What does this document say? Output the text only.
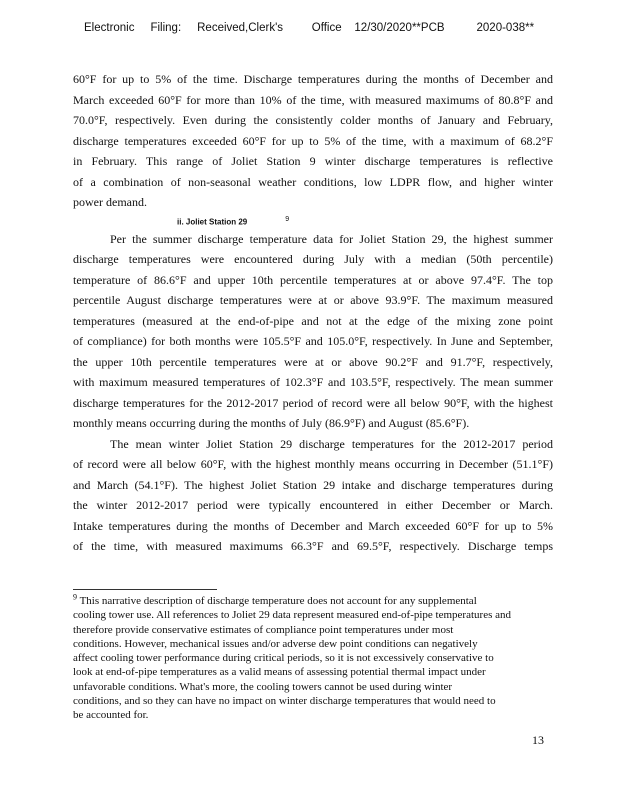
Electronic     Filing:     Received,Clerk's         Office    12/30/2020**PCB          2020-038**
60°F for up to 5% of the time. Discharge temperatures during the months of December and
March exceeded 60°F for more than 10% of the time, with measured maximums of 80.8°F and
70.0°F, respectively. Even during the consistently colder months of January and February,
discharge temperatures exceeded 60°F for up to 5% of the time, with a maximum of 68.2°F
in February. This range of Joliet Station 9 winter discharge temperatures is reflective
of a combination of non-seasonal weather conditions, low LDPR flow, and higher winter
power demand.
ii. Joliet Station 29	$^9$
Per the summer discharge temperature data for Joliet Station 29, the highest summer
discharge temperatures were encountered during July with a median (50th percentile)
temperature of 86.6°F and upper 10th percentile temperatures at or above 97.4°F. The top
percentile August discharge temperatures were at or above 93.9°F. The maximum measured
temperatures (measured at the end-of-pipe and not at the edge of the mixing zone point
of compliance) for both months were 105.5°F and 105.0°F, respectively. In June and September,
the upper 10th percentile temperatures were at or above 90.2°F and 91.7°F, respectively,
with maximum measured temperatures of 102.3°F and 103.5°F, respectively. The mean summer
discharge temperatures for the 2012-2017 period of record were all below 90°F, with the highest
monthly means occurring during the months of July (86.9°F) and August (85.6°F).
The mean winter Joliet Station 29 discharge temperatures for the 2012-2017 period
of record were all below 60°F, with the highest monthly means occurring in December (51.1°F)
and March (54.1°F). The highest Joliet Station 29 intake and discharge temperatures during
the winter 2012-2017 period were typically encountered in either December or March.
Intake temperatures during the months of December and March exceeded 60°F for up to 5%
of the time, with measured maximums 66.3°F and 69.5°F, respectively. Discharge temps
$^9$ This narrative description of discharge temperature does not account for any supplemental
cooling tower use. All references to Joliet 29 data represent measured end-of-pipe temperatures and
therefore provide conservative estimates of compliance point temperatures under most
conditions. However, mechanical issues and/or adverse dew point conditions can negatively
affect cooling tower performance during critical periods, so it is not excessively conservative to
look at end-of-pipe temperatures as a valid means of assessing potential thermal impact under
unfavorable conditions. What's more, the cooling towers cannot be used during winter
conditions, and so they can have no impact on winter discharge temperatures that would need to
be accounted for.
13
